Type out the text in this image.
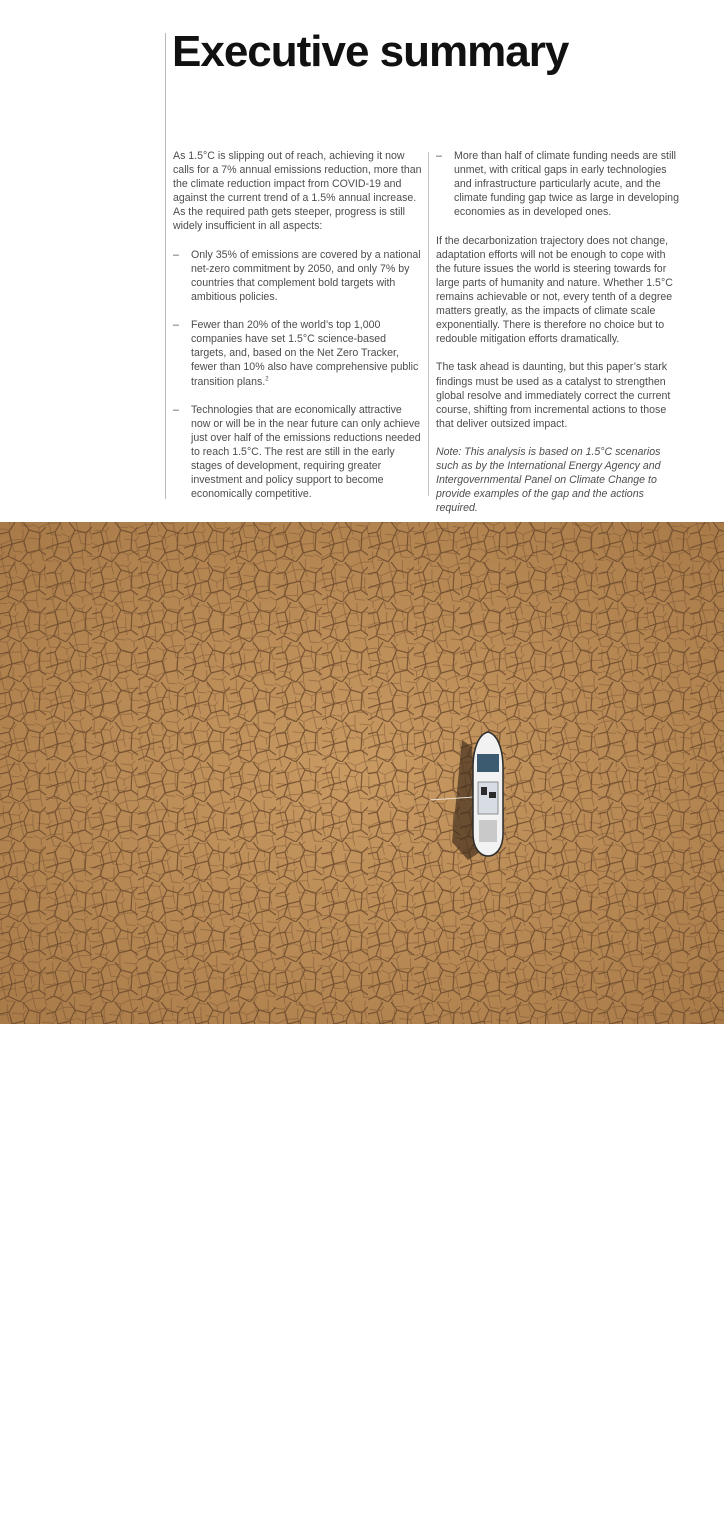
Executive summary

As 1.5°C is slipping out of reach, achieving it now calls for a 7% annual emissions reduction, more than the climate reduction impact from COVID-19 and against the current trend of a 1.5% annual increase. As the required path gets steeper, progress is still widely insufficient in all aspects:

– Only 35% of emissions are covered by a national net-zero commitment by 2050, and only 7% by countries that complement bold targets with ambitious policies.
– Fewer than 20% of the world’s top 1,000 companies have set 1.5°C science-based targets, and, based on the Net Zero Tracker, fewer than 10% also have comprehensive public transition plans.$^2$
– Technologies that are economically attractive now or will be in the near future can only achieve just over half of the emissions reductions needed to reach 1.5°C. The rest are still in the early stages of development, requiring greater investment and policy support to become economically competitive.
– More than half of climate funding needs are still unmet, with critical gaps in early technologies and infrastructure particularly acute, and the climate funding gap twice as large in developing economies as in developed ones.

If the decarbonization trajectory does not change, adaptation efforts will not be enough to cope with the future issues the world is steering towards for large parts of humanity and nature. Whether 1.5°C remains achievable or not, every tenth of a degree matters greatly, as the impacts of climate scale exponentially. There is therefore no choice but to redouble mitigation efforts dramatically.

The task ahead is daunting, but this paper’s stark findings must be used as a catalyst to strengthen global resolve and immediately correct the current course, shifting from incremental actions to those that deliver outsized impact.

Note: This analysis is based on 1.5°C scenarios such as by the International Energy Agency and Intergovernmental Panel on Climate Change to provide examples of the gap and the actions required.

The State of Climate Action Bridging the gap towards a 1.5°C future: 2023 state of the union	4
